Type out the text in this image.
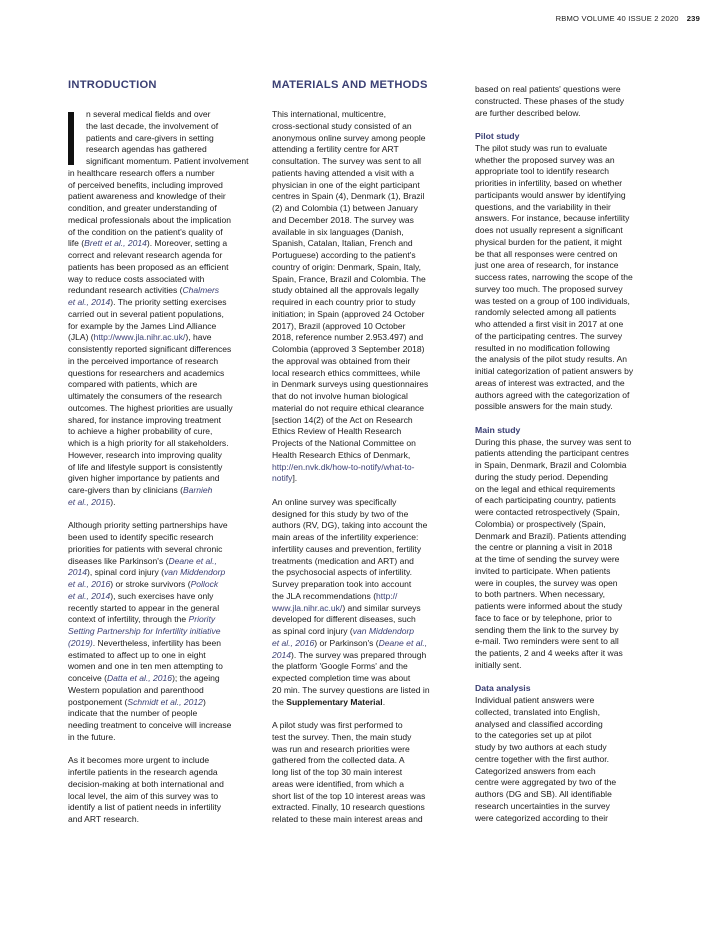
RBMO VOLUME 40 ISSUE 2 2020 239
INTRODUCTION
n several medical fields and over
the last decade, the involvement of
patients and care-givers in setting
research agendas has gathered
significant momentum. Patient involvement
in healthcare research offers a number
of perceived benefits, including improved
patient awareness and knowledge of their
condition, and greater understanding of
medical professionals about the implication
of the condition on the patient's quality of
life (Brett et al., 2014). Moreover, setting a
correct and relevant research agenda for
patients has been proposed as an efficient
way to reduce costs associated with
redundant research activities (Chalmers
et al., 2014). The priority setting exercises
carried out in several patient populations,
for example by the James Lind Alliance
(JLA) (http://www.jla.nihr.ac.uk/), have
consistently reported significant differences
in the perceived importance of research
questions for researchers and academics
compared with patients, which are
ultimately the consumers of the research
outcomes. The highest priorities are usually
shared, for instance improving treatment
to achieve a higher probability of cure,
which is a high priority for all stakeholders.
However, research into improving quality
of life and lifestyle support is consistently
given higher importance by patients and
care-givers than by clinicians (Barnieh
et al., 2015).
Although priority setting partnerships have
been used to identify specific research
priorities for patients with several chronic
diseases like Parkinson's (Deane et al.,
2014), spinal cord injury (van Middendorp
et al., 2016) or stroke survivors (Pollock
et al., 2014), such exercises have only
recently started to appear in the general
context of infertility, through the Priority
Setting Partnership for Infertility initiative
(2019). Nevertheless, infertility has been
estimated to affect up to one in eight
women and one in ten men attempting to
conceive (Datta et al., 2016); the ageing
Western population and parenthood
postponement (Schmidt et al., 2012)
indicate that the number of people
needing treatment to conceive will increase
in the future.
As it becomes more urgent to include
infertile patients in the research agenda
decision-making at both international and
local level, the aim of this survey was to
identify a list of patient needs in infertility
and ART research.
MATERIALS AND METHODS
This international, multicentre,
cross-sectional study consisted of an
anonymous online survey among people
attending a fertility centre for ART
consultation. The survey was sent to all
patients having attended a visit with a
physician in one of the eight participant
centres in Spain (4), Denmark (1), Brazil
(2) and Colombia (1) between January
and December 2018. The survey was
available in six languages (Danish,
Spanish, Catalan, Italian, French and
Portuguese) according to the patient's
country of origin: Denmark, Spain, Italy,
Spain, France, Brazil and Colombia. The
study obtained all the approvals legally
required in each country prior to study
initiation; in Spain (approved 24 October
2017), Brazil (approved 10 October
2018, reference number 2.953.497) and
Colombia (approved 3 September 2018)
the approval was obtained from their
local research ethics committees, while
in Denmark surveys using questionnaires
that do not involve human biological
material do not require ethical clearance
[section 14(2) of the Act on Research
Ethics Review of Health Research
Projects of the National Committee on
Health Research Ethics of Denmark,
http://en.nvk.dk/how-to-notify/what-to-
notify].
An online survey was specifically
designed for this study by two of the
authors (RV, DG), taking into account the
main areas of the infertility experience:
infertility causes and prevention, fertility
treatments (medication and ART) and
the psychosocial aspects of infertility.
Survey preparation took into account
the JLA recommendations (http://
www.jla.nihr.ac.uk/) and similar surveys
developed for different diseases, such
as spinal cord injury (van Middendorp
et al., 2016) or Parkinson's (Deane et al.,
2014). The survey was prepared through
the platform 'Google Forms' and the
expected completion time was about
20 min. The survey questions are listed in
the Supplementary Material.
A pilot study was first performed to
test the survey. Then, the main study
was run and research priorities were
gathered from the collected data. A
long list of the top 30 main interest
areas were identified, from which a
short list of the top 10 interest areas was
extracted. Finally, 10 research questions
related to these main interest areas and
based on real patients' questions were
constructed. These phases of the study
are further described below.
Pilot study
The pilot study was run to evaluate
whether the proposed survey was an
appropriate tool to identify research
priorities in infertility, based on whether
participants would answer by identifying
questions, and the variability in their
answers. For instance, because infertility
does not usually represent a significant
physical burden for the patient, it might
be that all responses were centred on
just one area of research, for instance
success rates, narrowing the scope of the
survey too much. The proposed survey
was tested on a group of 100 individuals,
randomly selected among all patients
who attended a first visit in 2017 at one
of the participating centres. The survey
resulted in no modification following
the analysis of the pilot study results. An
initial categorization of patient answers by
areas of interest was extracted, and the
authors agreed with the categorization of
possible answers for the main study.
Main study
During this phase, the survey was sent to
patients attending the participant centres
in Spain, Denmark, Brazil and Colombia
during the study period. Depending
on the legal and ethical requirements
of each participating country, patients
were contacted retrospectively (Spain,
Colombia) or prospectively (Spain,
Denmark and Brazil). Patients attending
the centre or planning a visit in 2018
at the time of sending the survey were
invited to participate. When patients
were in couples, the survey was open
to both partners. When necessary,
patients were informed about the study
face to face or by telephone, prior to
sending them the link to the survey by
e-mail. Two reminders were sent to all
the patients, 2 and 4 weeks after it was
initially sent.
Data analysis
Individual patient answers were
collected, translated into English,
analysed and classified according
to the categories set up at pilot
study by two authors at each study
centre together with the first author.
Categorized answers from each
centre were aggregated by two of the
authors (DG and SB). All identifiable
research uncertainties in the survey
were categorized according to their
